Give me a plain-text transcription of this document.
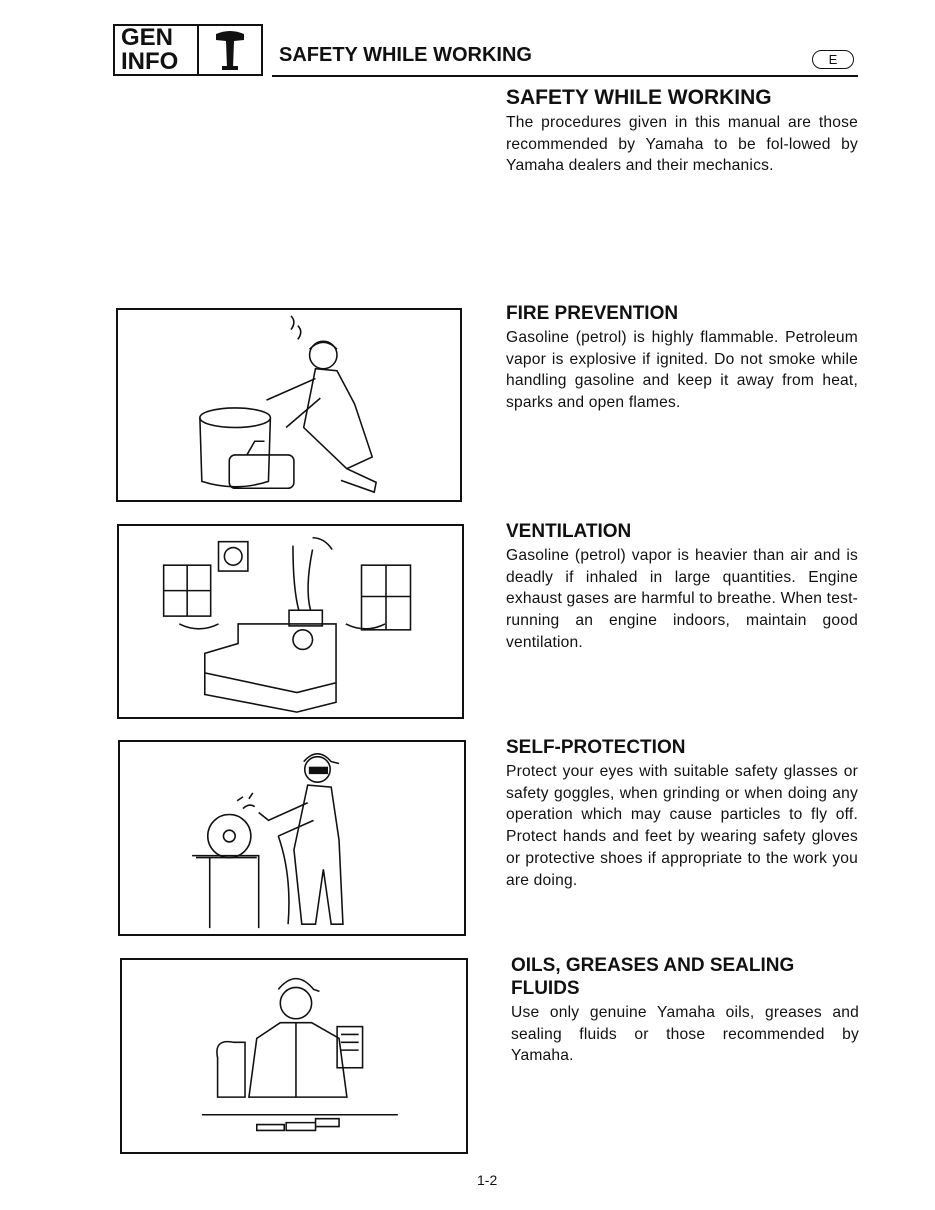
GEN
INFO	SAFETY WHILE WORKING	E
SAFETY WHILE WORKING

The procedures given in this manual are those recommended by Yamaha to be fol-lowed by Yamaha dealers and their mechanics.

FIRE PREVENTION

Gasoline (petrol) is highly flammable. Petroleum vapor is explosive if ignited. Do not smoke while handling gasoline and keep it away from heat, sparks and open flames.

VENTILATION

Gasoline (petrol) vapor is heavier than air and is deadly if inhaled in large quantities. Engine exhaust gases are harmful to breathe. When test-running an engine indoors, maintain good ventilation.

SELF-PROTECTION

Protect your eyes with suitable safety glasses or safety goggles, when grinding or when doing any operation which may cause particles to fly off. Protect hands and feet by wearing safety gloves or protective shoes if appropriate to the work you are doing.

OILS, GREASES AND SEALING FLUIDS

Use only genuine Yamaha oils, greases and sealing fluids or those recommended by Yamaha.

1-2
